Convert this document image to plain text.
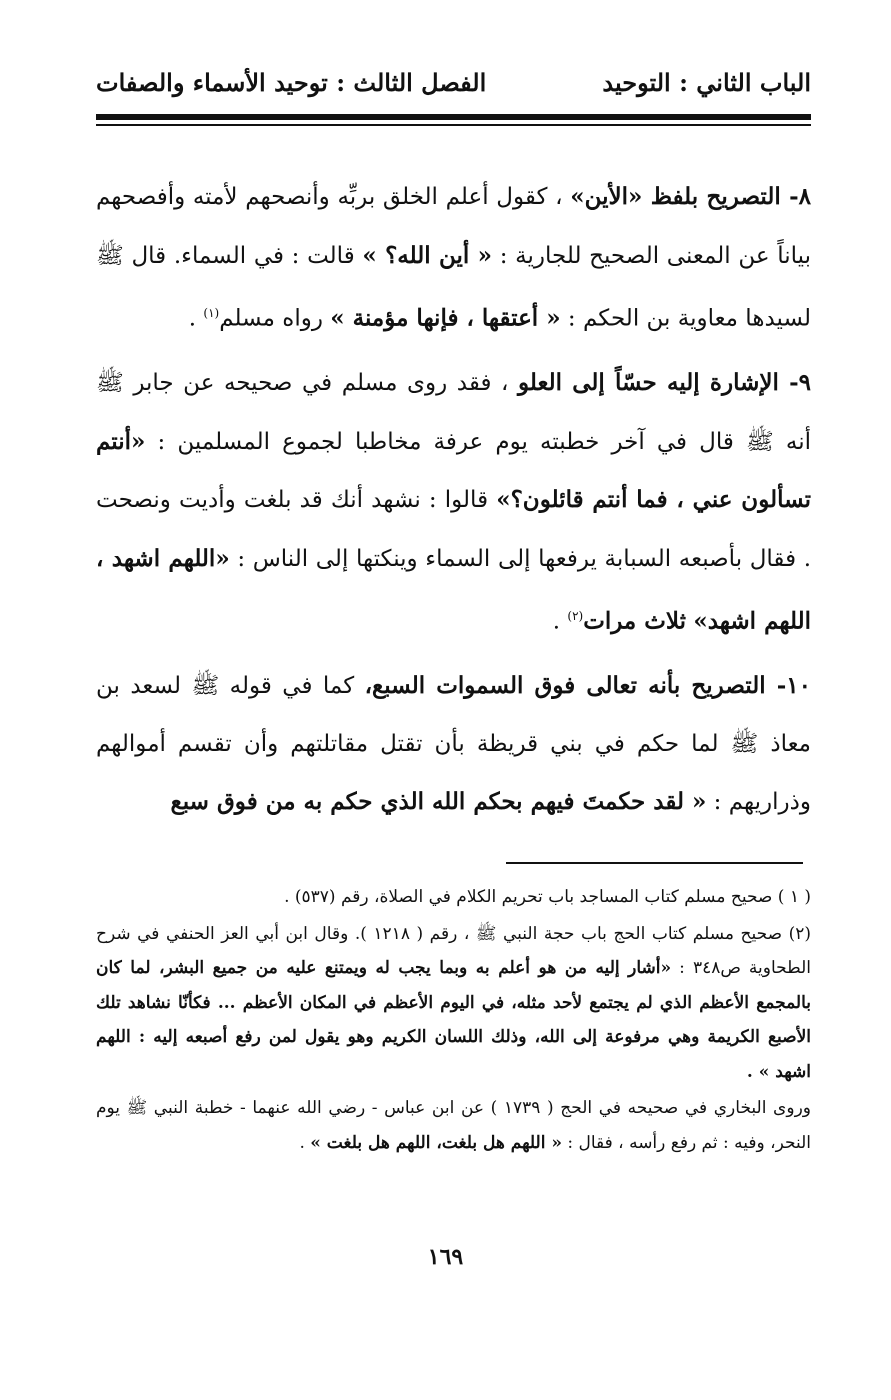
الباب الثاني : التوحيد
الفصل الثالث : توحيد الأسماء والصفات

٨- التصريح بلفظ «الأين» ، كقول أعلم الخلق بربِّه وأنصحهم لأمته وأفصحهم بياناً عن المعنى الصحيح للجارية : « أين الله؟ » قالت : في السماء. قال ﷺ لسيدها معاوية بن الحكم : « أعتقها ، فإنها مؤمنة » رواه مسلم$^{(١)}$ .

٩- الإشارة إليه حسّاً إلى العلو ، فقد روى مسلم في صحيحه عن جابر ﷺ أنه ﷺ قال في آخر خطبته يوم عرفة مخاطبا لجموع المسلمين : «أنتم تسألون عني ، فما أنتم قائلون؟» قالوا : نشهد أنك قد بلغت وأديت ونصحت . فقال بأصبعه السبابة يرفعها إلى السماء وينكتها إلى الناس : «اللهم اشهد ، اللهم اشهد» ثلاث مرات$^{(٢)}$ .

١٠- التصريح بأنه تعالى فوق السموات السبع، كما في قوله ﷺ لسعد بن معاذ ﷺ لما حكم في بني قريظة بأن تقتل مقاتلتهم وأن تقسم أموالهم وذراريهم : « لقد حكمتَ فيهم بحكم الله الذي حكم به من فوق سبع

( ١ ) صحيح مسلم كتاب المساجد باب تحريم الكلام في الصلاة، رقم (٥٣٧) .

(٢) صحيح مسلم كتاب الحج باب حجة النبي ﷺ ، رقم ( ١٢١٨ ). وقال ابن أبي العز الحنفي في شرح الطحاوية ص٣٤٨ : «أشار إليه من هو أعلم به وبما يجب له ويمتنع عليه من جميع البشر، لما كان بالمجمع الأعظم الذي لم يجتمع لأحد مثله، في اليوم الأعظم في المكان الأعظم ... فكأنّا نشاهد تلك الأصبع الكريمة وهي مرفوعة إلى الله، وذلك اللسان الكريم وهو يقول لمن رفع أصبعه إليه : اللهم اشهد » .

وروى البخاري في صحيحه في الحج ( ١٧٣٩ ) عن ابن عباس - رضي الله عنهما - خطبة النبي ﷺ يوم النحر، وفيه : ثم رفع رأسه ، فقال : « اللهم هل بلغت، اللهم هل بلغت » .

١٦٩
